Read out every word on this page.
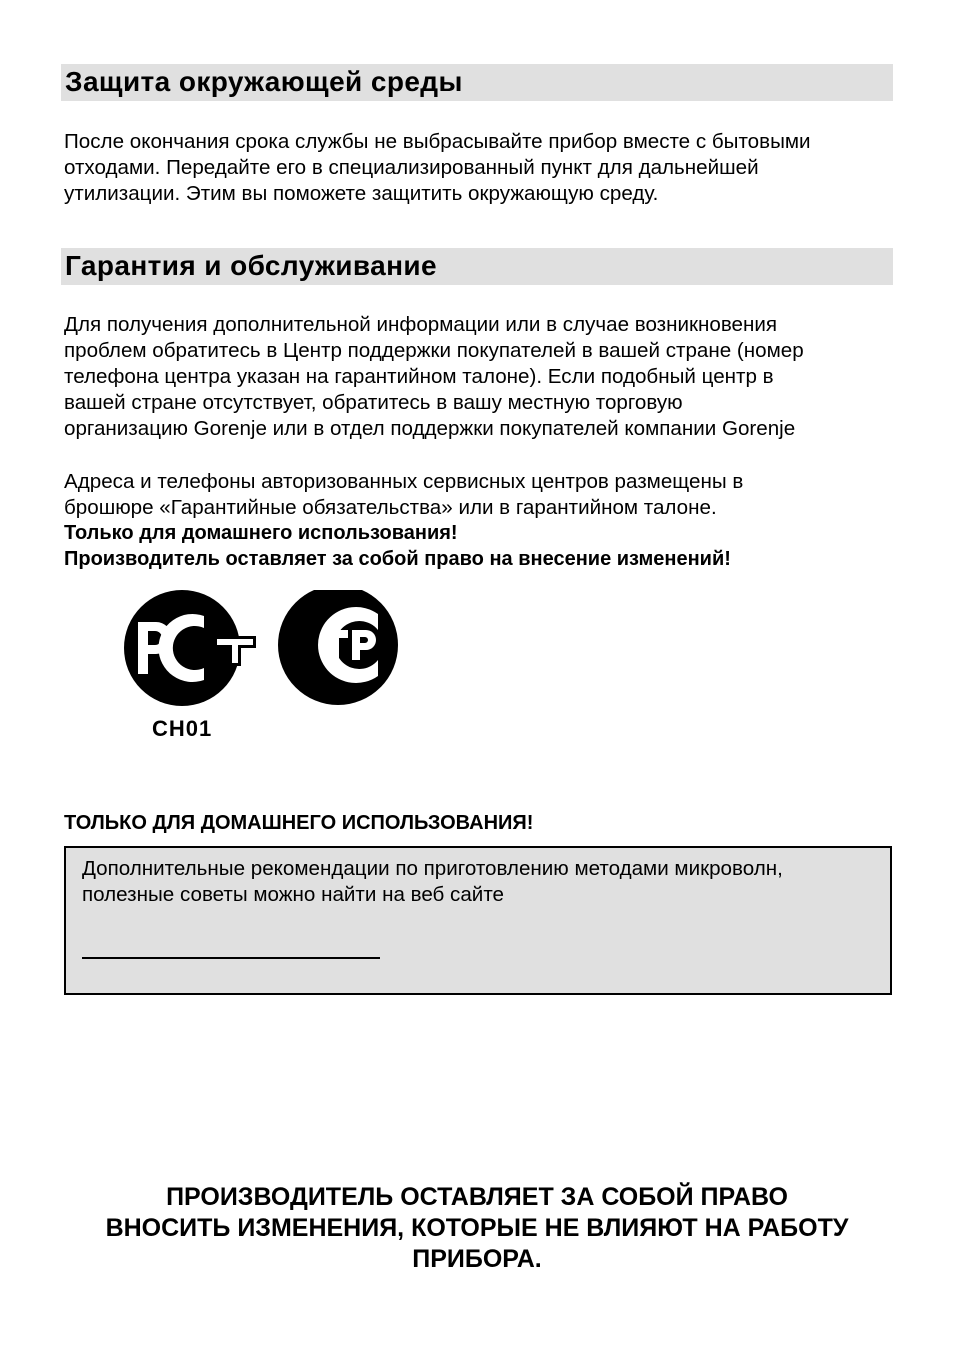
Защита окружающей среды

После окончания срока службы не выбрасывайте прибор вместе с бытовыми
отходами. Передайте его в специализированный пункт для дальнейшей
утилизации. Этим вы поможете защитить окружающую среду.

Гарантия и обслуживание

Для получения дополнительной информации или в случае возникновения
проблем обратитесь в Центр поддержки покупателей в вашей стране (номер
телефона центра указан на гарантийном талоне). Если подобный центр в
вашей стране отсутствует, обратитесь в вашу местную торговую
организацию Gorenje или в отдел поддержки покупателей компании Gorenje

Адреса и телефоны авторизованных сервисных центров размещены в
брошюре «Гарантийные обязательства» или в гарантийном талоне.

Только для домашнего использования!
Производитель оставляет за собой право на внесение изменений!
CH01
ТОЛЬКО ДЛЯ ДОМАШНЕГО ИСПОЛЬЗОВАНИЯ!
Дополнительные рекомендации по приготовлению методами микроволн,
полезные советы можно найти на веб сайте
ПРОИЗВОДИТЕЛЬ ОСТАВЛЯЕТ ЗА СОБОЙ ПРАВО
ВНОСИТЬ ИЗМЕНЕНИЯ, КОТОРЫЕ НЕ ВЛИЯЮТ НА РАБОТУ
ПРИБОРА.
